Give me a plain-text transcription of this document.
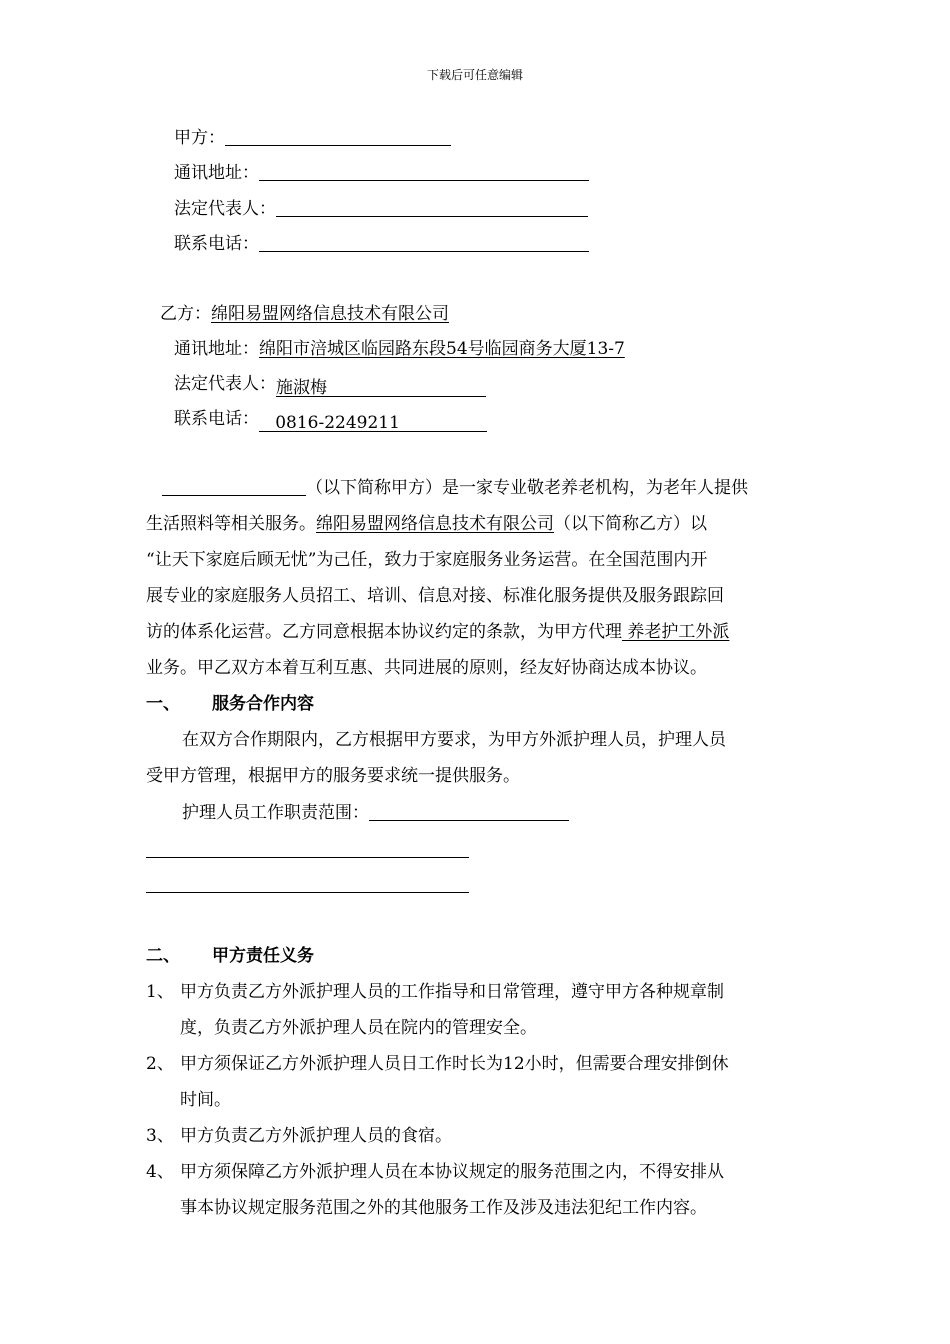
下载后可任意编辑
甲方：
通讯地址：
法定代表人：
联系电话：
乙方：绵阳易盟网络信息技术有限公司
通讯地址：绵阳市涪城区临园路东段54号临园商务大厦13-7
法定代表人：施淑梅
联系电话： 0816-2249211
（以下简称甲方）是一家专业敬老养老机构，为老年人提供
生活照料等相关服务。绵阳易盟网络信息技术有限公司（以下简称乙方）以
“让天下家庭后顾无忧”为己任，致力于家庭服务业务运营。在全国范围内开
展专业的家庭服务人员招工、培训、信息对接、标准化服务提供及服务跟踪回
访的体系化运营。乙方同意根据本协议约定的条款，为甲方代理 养老护工外派
业务。甲乙双方本着互利互惠、共同进展的原则，经友好协商达成本协议。
一、 服务合作内容
在双方合作期限内，乙方根据甲方要求，为甲方外派护理人员，护理人员
受甲方管理，根据甲方的服务要求统一提供服务。
护理人员工作职责范围：
二、 甲方责任义务
1、 甲方负责乙方外派护理人员的工作指导和日常管理，遵守甲方各种规章制
度，负责乙方外派护理人员在院内的管理安全。
2、 甲方须保证乙方外派护理人员日工作时长为12小时，但需要合理安排倒休
时间。
3、 甲方负责乙方外派护理人员的食宿。
4、 甲方须保障乙方外派护理人员在本协议规定的服务范围之内，不得安排从
事本协议规定服务范围之外的其他服务工作及涉及违法犯纪工作内容。
